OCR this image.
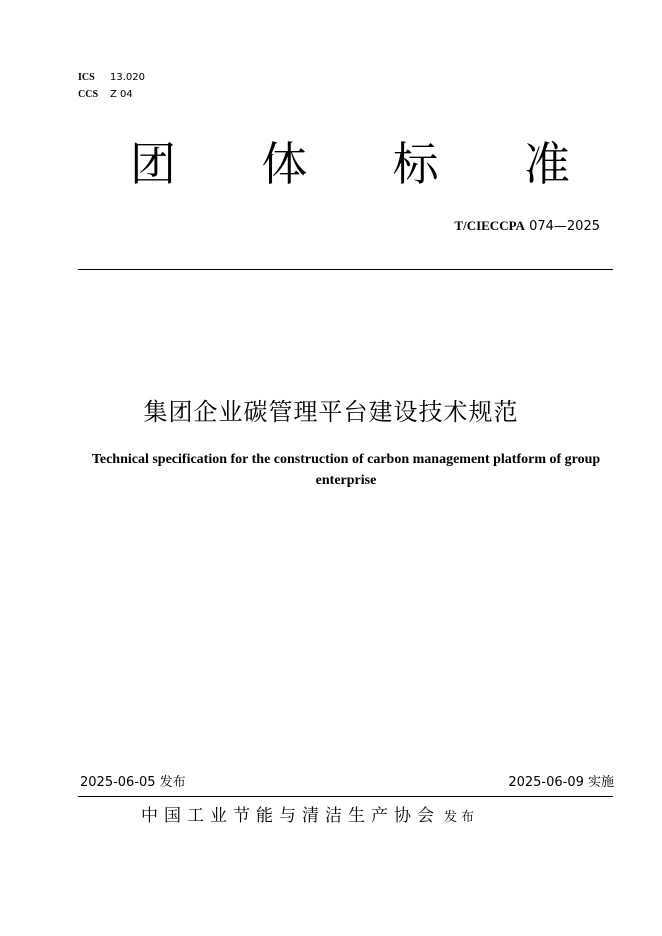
ICS 13.020
CCS Z 04
团 体 标 准
T/CIECCPA 074—2025
集团企业碳管理平台建设技术规范
Technical specification for the construction of carbon management platform of group enterprise
2025-06-05 发布	2025-06-09 实施
中国工业节能与清洁生产协会 发布
